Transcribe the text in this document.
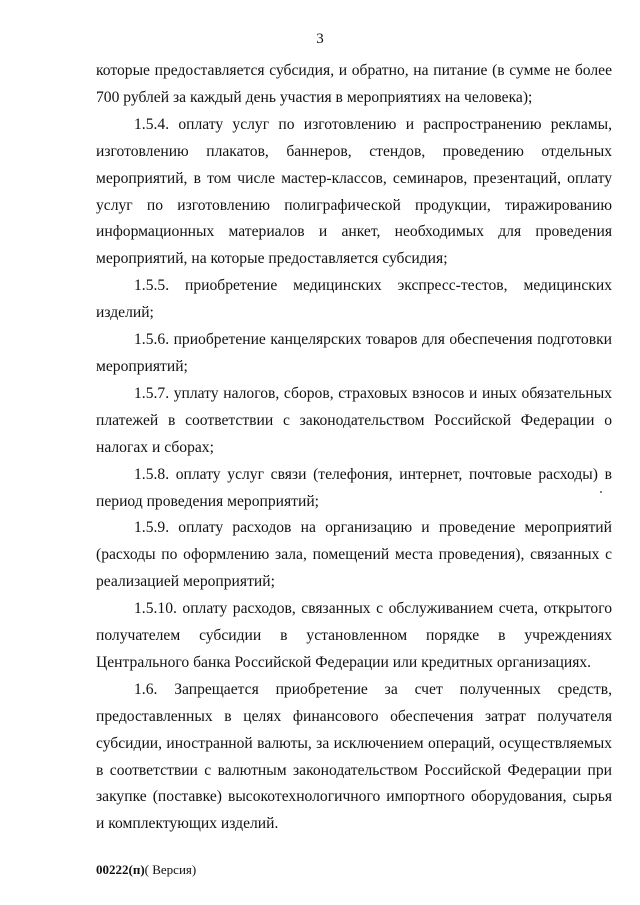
3

которые предоставляется субсидия, и обратно, на питание (в сумме не более 700 рублей за каждый день участия в мероприятиях на человека);

1.5.4. оплату услуг по изготовлению и распространению рекламы, изготовлению плакатов, баннеров, стендов, проведению отдельных мероприятий, в том числе мастер-классов, семинаров, презентаций, оплату услуг по изготовлению полиграфической продукции, тиражированию информационных материалов и анкет, необходимых для проведения мероприятий, на которые предоставляется субсидия;

1.5.5. приобретение медицинских экспресс-тестов, медицинских изделий;

1.5.6. приобретение канцелярских товаров для обеспечения подготовки мероприятий;

1.5.7. уплату налогов, сборов, страховых взносов и иных обязательных платежей в соответствии с законодательством Российской Федерации о налогах и сборах;

1.5.8. оплату услуг связи (телефония, интернет, почтовые расходы) в период проведения мероприятий;

1.5.9. оплату расходов на организацию и проведение мероприятий (расходы по оформлению зала, помещений места проведения), связанных с реализацией мероприятий;

1.5.10. оплату расходов, связанных с обслуживанием счета, открытого получателем субсидии в установленном порядке в учреждениях Центрального банка Российской Федерации или кредитных организациях.

1.6. Запрещается приобретение за счет полученных средств, предоставленных в целях финансового обеспечения затрат получателя субсидии, иностранной валюты, за исключением операций, осуществляемых в соответствии с валютным законодательством Российской Федерации при закупке (поставке) высокотехнологичного импортного оборудования, сырья и комплектующих изделий.

00222(п)( Версия)
